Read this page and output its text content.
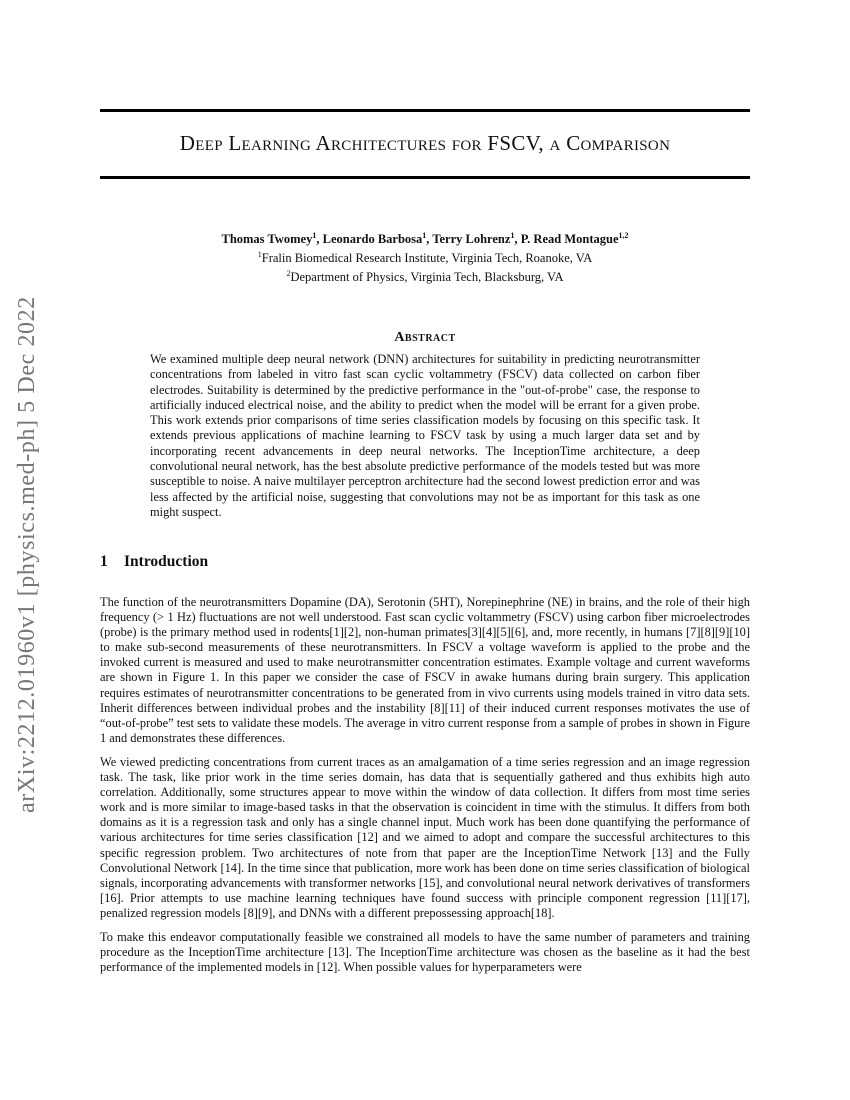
arXiv:2212.01960v1 [physics.med-ph] 5 Dec 2022
Deep Learning Architectures for FSCV, a Comparison
Thomas Twomey$^1$, Leonardo Barbosa$^1$, Terry Lohrenz$^1$, P. Read Montague$^{1,2}$
$^1$Fralin Biomedical Research Institute, Virginia Tech, Roanoke, VA
$^2$Department of Physics, Virginia Tech, Blacksburg, VA
Abstract

We examined multiple deep neural network (DNN) architectures for suitability in predicting neurotransmitter concentrations from labeled in vitro fast scan cyclic voltammetry (FSCV) data collected on carbon fiber electrodes. Suitability is determined by the predictive performance in the "out-of-probe" case, the response to artificially induced electrical noise, and the ability to predict when the model will be errant for a given probe. This work extends prior comparisons of time series classification models by focusing on this specific task. It extends previous applications of machine learning to FSCV task by using a much larger data set and by incorporating recent advancements in deep neural networks. The InceptionTime architecture, a deep convolutional neural network, has the best absolute predictive performance of the models tested but was more susceptible to noise. A naive multilayer perceptron architecture had the second lowest prediction error and was less affected by the artificial noise, suggesting that convolutions may not be as important for this task as one might suspect.

1 Introduction

The function of the neurotransmitters Dopamine (DA), Serotonin (5HT), Norepinephrine (NE) in brains, and the role of their high frequency (> 1 Hz) fluctuations are not well understood. Fast scan cyclic voltammetry (FSCV) using carbon fiber microelectrodes (probe) is the primary method used in rodents[1][2], non-human primates[3][4][5][6], and, more recently, in humans [7][8][9][10] to make sub-second measurements of these neurotransmitters. In FSCV a voltage waveform is applied to the probe and the invoked current is measured and used to make neurotransmitter concentration estimates. Example voltage and current waveforms are shown in Figure 1. In this paper we consider the case of FSCV in awake humans during brain surgery. This application requires estimates of neurotransmitter concentrations to be generated from in vivo currents using models trained in vitro data sets. Inherit differences between individual probes and the instability [8][11] of their induced current responses motivates the use of “out-of-probe” test sets to validate these models. The average in vitro current response from a sample of probes in shown in Figure 1 and demonstrates these differences.

We viewed predicting concentrations from current traces as an amalgamation of a time series regression and an image regression task. The task, like prior work in the time series domain, has data that is sequentially gathered and thus exhibits high auto correlation. Additionally, some structures appear to move within the window of data collection. It differs from most time series work and is more similar to image-based tasks in that the observation is coincident in time with the stimulus. It differs from both domains as it is a regression task and only has a single channel input. Much work has been done quantifying the performance of various architectures for time series classification [12] and we aimed to adopt and compare the successful architectures to this specific regression problem. Two architectures of note from that paper are the InceptionTime Network [13] and the Fully Convolutional Network [14]. In the time since that publication, more work has been done on time series classification of biological signals, incorporating advancements with transformer networks [15], and convolutional neural network derivatives of transformers [16]. Prior attempts to use machine learning techniques have found success with principle component regression [11][17], penalized regression models [8][9], and DNNs with a different prepossessing approach[18].

To make this endeavor computationally feasible we constrained all models to have the same number of parameters and training procedure as the InceptionTime architecture [13]. The InceptionTime architecture was chosen as the baseline as it had the best performance of the implemented models in [12]. When possible values for hyperparameters were
